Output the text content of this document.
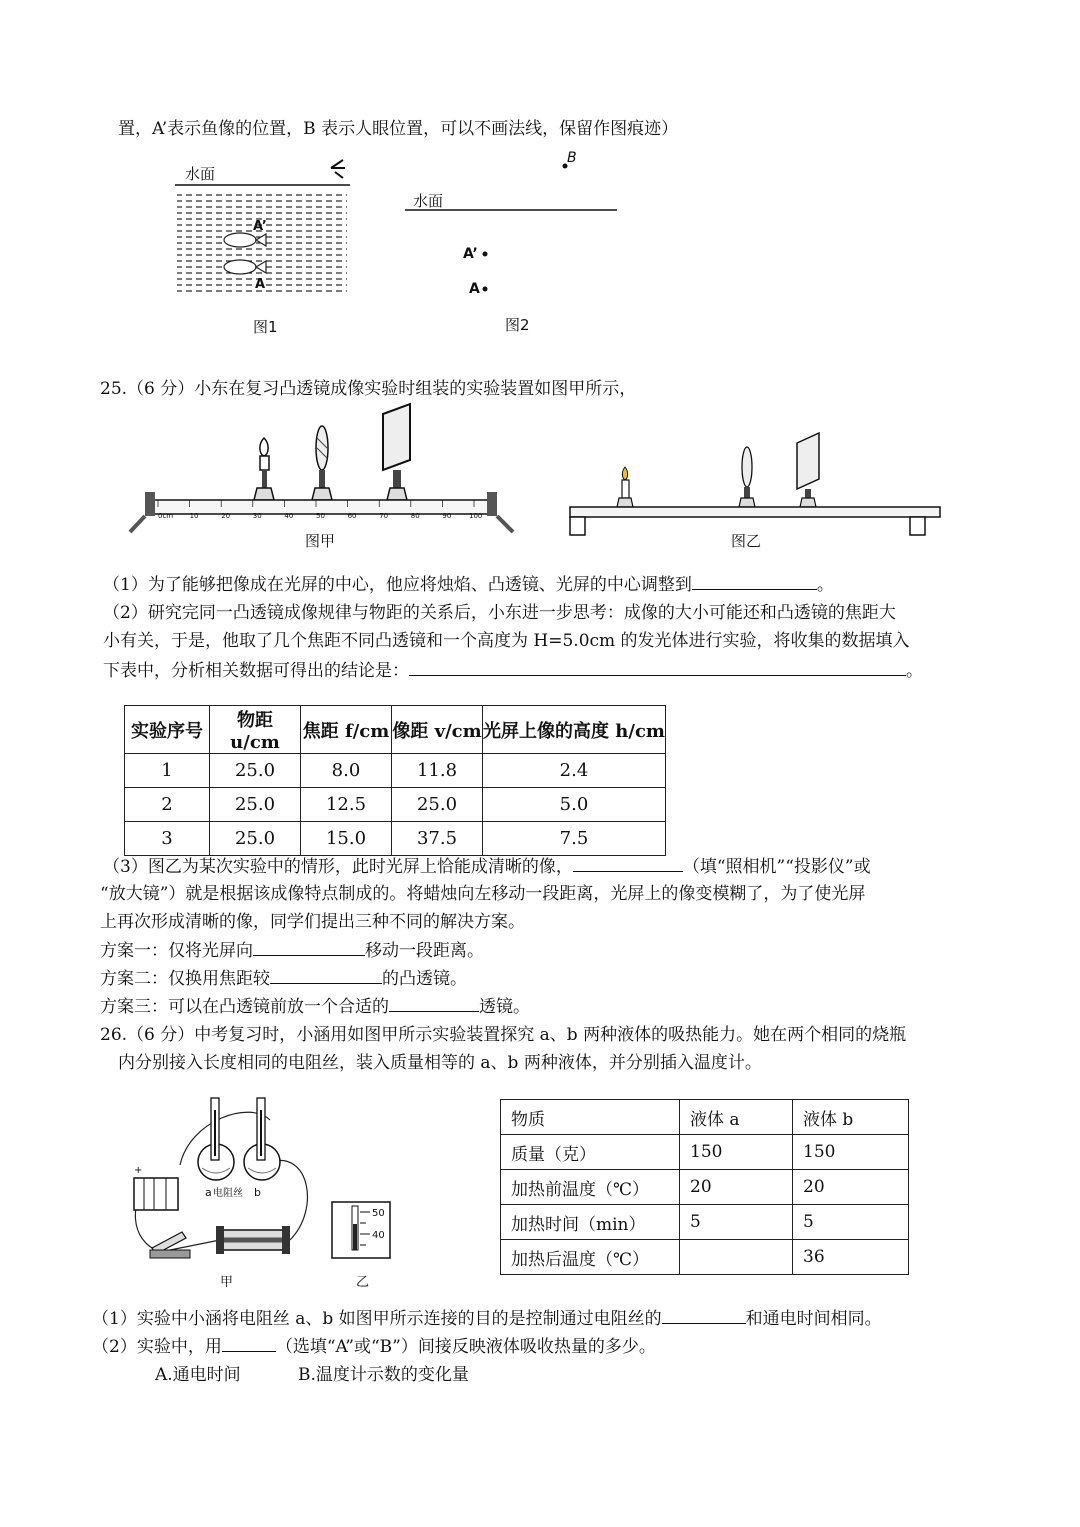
置，A’表示鱼像的位置，B 表示人眼位置，可以不画法线，保留作图痕迹）
水面
A’
A
图1
B
水面
A’
A
图2
25.（6 分）小东在复习凸透镜成像实验时组装的实验装置如图甲所示，
0cm 10	20	30	40	50	60	70	80	90	100
图甲	图乙
（1）为了能够把像成在光屏的中心，他应将烛焰、凸透镜、光屏的中心调整到	。
（2）研究完同一凸透镜成像规律与物距的关系后，小东进一步思考：成像的大小可能还和凸透镜的焦距大
小有关，于是，他取了几个焦距不同凸透镜和一个高度为 H=5.0cm 的发光体进行实验，将收集的数据填入
下表中，分析相关数据可得出的结论是：	。
实验序号	物距 u/cm	焦距 f/cm	像距 v/cm	光屏上像的高度 h/cm
1	25.0	8.0	11.8	2.4
2	25.0	12.5	25.0	5.0
3	25.0	15.0	37.5	7.5
（3）图乙为某次实验中的情形，此时光屏上恰能成清晰的像，	（填“照相机”“投影仪”或
“放大镜”）就是根据该成像特点制成的。将蜡烛向左移动一段距离，光屏上的像变模糊了，为了使光屏
上再次形成清晰的像，同学们提出三种不同的解决方案。
方案一：仅将光屏向	移动一段距离。
方案二：仅换用焦距较	的凸透镜。
方案三：可以在凸透镜前放一个合适的	透镜。
26.（6 分）中考复习时，小涵用如图甲所示实验装置探究 a、b 两种液体的吸热能力。她在两个相同的烧瓶
内分别接入长度相同的电阻丝，装入质量相等的 a、b 两种液体，并分别插入温度计。
a 电阻丝 b
+
甲
50
40
乙
物质	液体 a	液体 b
质量（克）	150	150
加热前温度（℃）	20	20
加热时间（min）	5	5
加热后温度（℃）		36
（1）实验中小涵将电阻丝 a、b 如图甲所示连接的目的是控制通过电阻丝的	和通电时间相同。
（2）实验中，用	（选填“A”或“B”）间接反映液体吸收热量的多少。
A.通电时间	B.温度计示数的变化量
